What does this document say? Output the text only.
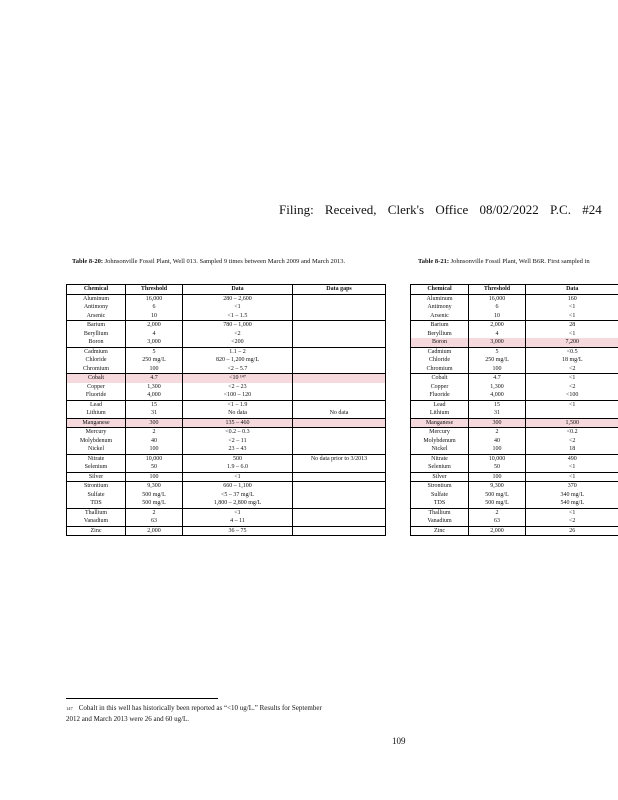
Filing: Received, Clerk's Office 08/02/2022 P.C. #24
Table 8-20: Johnsonville Fossil Plant, Well 013. Sampled 9 times between March 2009 and March 2013.	Table 8-21: Johnsonville Fossil Plant, Well B6R. First sampled in
Chemical	Threshold	Data	Data gaps
Aluminum	16,000	280 – 2,600	
Antimony	6	<1	
Arsenic	10	<1 – 1.5	
Barium	2,000	780 – 1,000	
Beryllium	4	<2	
Boron	3,000	<200	
Cadmium	5	1.1 – 2	
Chloride	250 mg/L	820 – 1,200 mg/L	
Chromium	100	<2 – 5.7	
Cobalt	4.7	<10 ¹⁴⁷	
Copper	1,300	<2 – 23	
Fluoride	4,000	<100 – 120	
Lead	15	<1 – 1.9	
Lithium	31	No data	No data
Manganese	300	135 – 460	
Mercury	2	<0.2 – 0.3	
Molybdenum	40	<2 – 11	
Nickel	100	23 – 43	
Nitrate	10,000	500	No data prior to 3/2013
Selenium	50	1.9 – 6.0	
Silver	100	<1	
Strontium	9,300	660 – 1,100	
Sulfate	500 mg/L	<5 – 37 mg/L	
TDS	500 mg/L	1,800 – 2,800 mg/L	
Thallium	2	<1	
Vanadium	63	4 – 11	
Zinc	2,000	36 – 75	
Chemical	Threshold	Data
Aluminum	16,000	160
Antimony	6	<1
Arsenic	10	<1
Barium	2,000	28
Beryllium	4	<1
Boron	3,000	7,200
Cadmium	5	<0.5
Chloride	250 mg/L	18 mg/L
Chromium	100	<2
Cobalt	4.7	<1
Copper	1,300	<2
Fluoride	4,000	<100
Lead	15	<1
Lithium	31	
Manganese	300	1,500
Mercury	2	<0.2
Molybdenum	40	<2
Nickel	100	18
Nitrate	10,000	490
Selenium	50	<1
Silver	100	<1
Strontium	9,300	370
Sulfate	500 mg/L	340 mg/L
TDS	500 mg/L	540 mg/L
Thallium	2	<1
Vanadium	63	<2
Zinc	2,000	26
$^{147}$ Cobalt in this well has historically been reported as “<10 ug/L.” Results for September
2012 and March 2013 were 26 and 60 ug/L.
109
